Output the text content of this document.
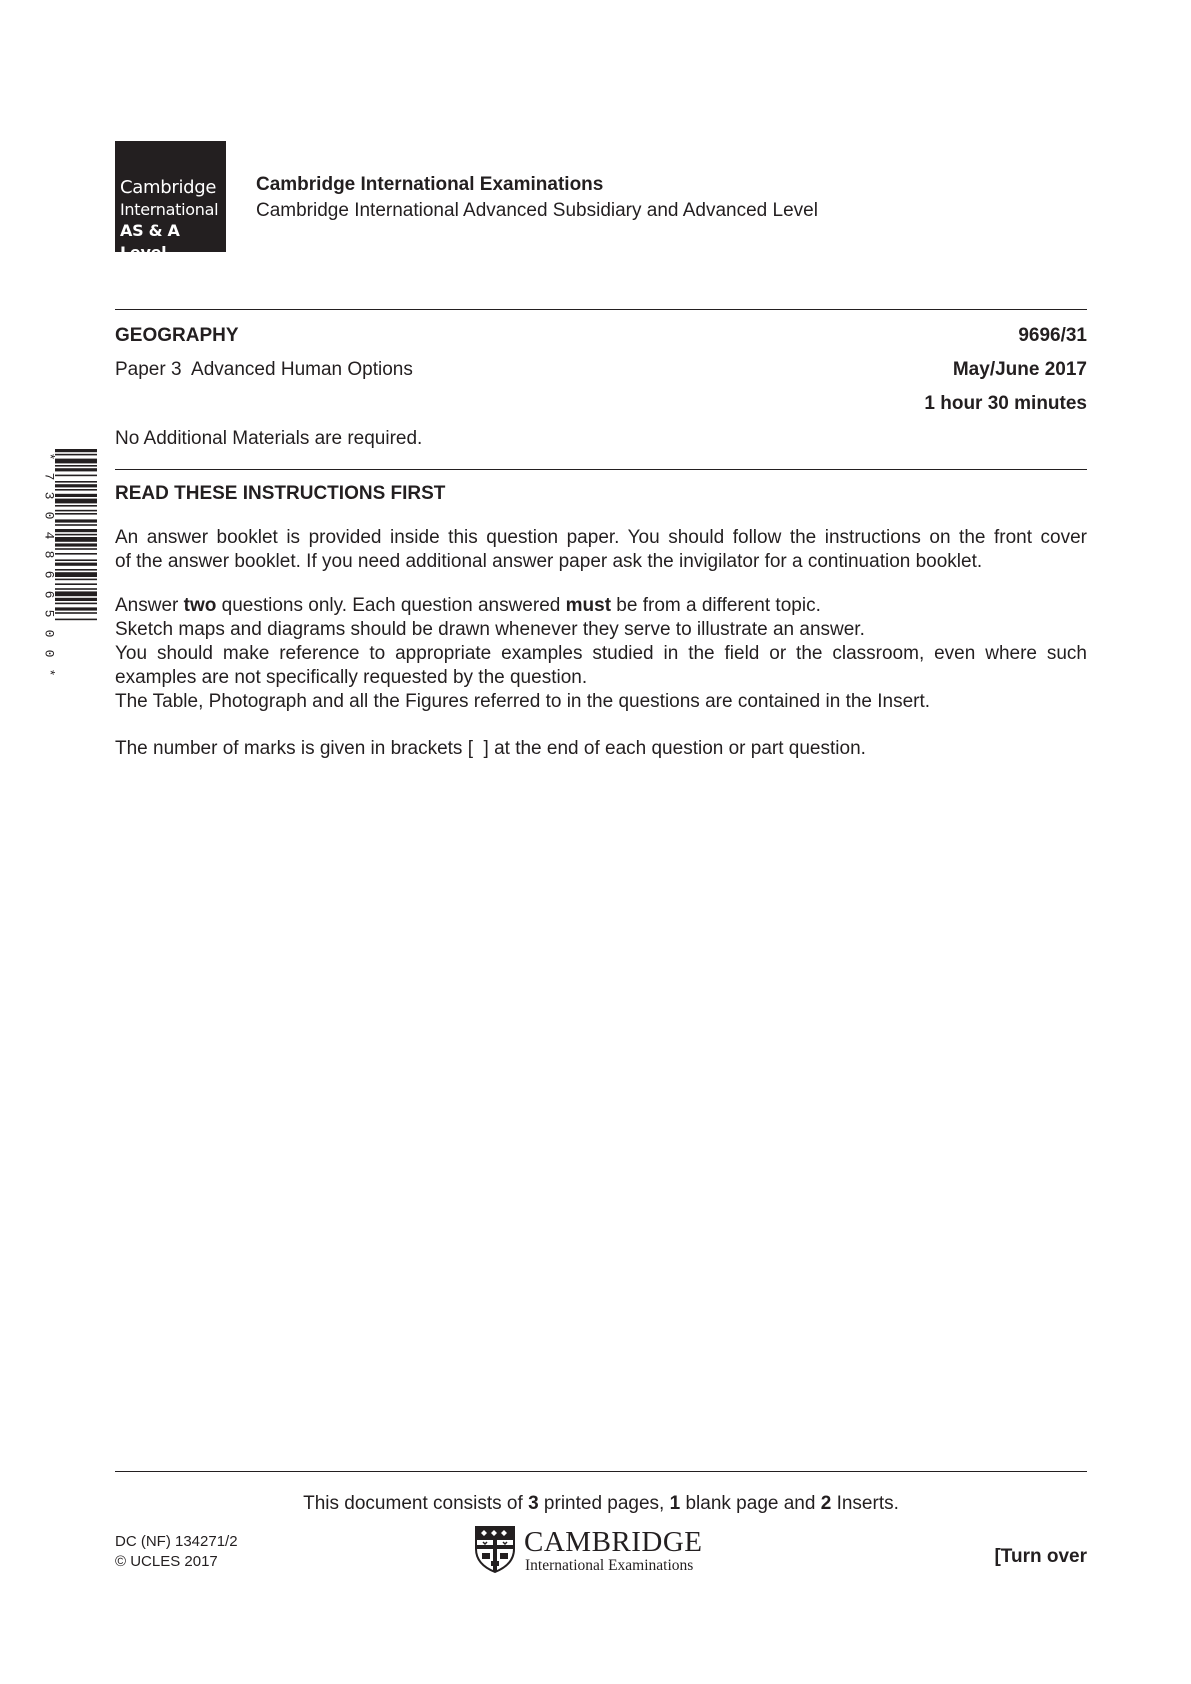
Cambridge
International
AS & A Level
Cambridge International Examinations
Cambridge International Advanced Subsidiary and Advanced Level
GEOGRAPHY	9696/31
Paper 3  Advanced Human Options	May/June 2017
1 hour 30 minutes
No Additional Materials are required.
*
7
3
0
4
8
6
6
5
0
0
*
READ THESE INSTRUCTIONS FIRST
An answer booklet is provided inside this question paper. You should follow the instructions on the front cover
of the answer booklet. If you need additional answer paper ask the invigilator for a continuation booklet.
Answer two questions only. Each question answered must be from a different topic.
Sketch maps and diagrams should be drawn whenever they serve to illustrate an answer.
You should make reference to appropriate examples studied in the field or the classroom, even where such
examples are not specifically requested by the question.
The Table, Photograph and all the Figures referred to in the questions are contained in the Insert.
The number of marks is given in brackets [  ] at the end of each question or part question.
This document consists of 3 printed pages, 1 blank page and 2 Inserts.
DC (NF) 134271/2
© UCLES 2017
CAMBRIDGE
International Examinations	[Turn over
